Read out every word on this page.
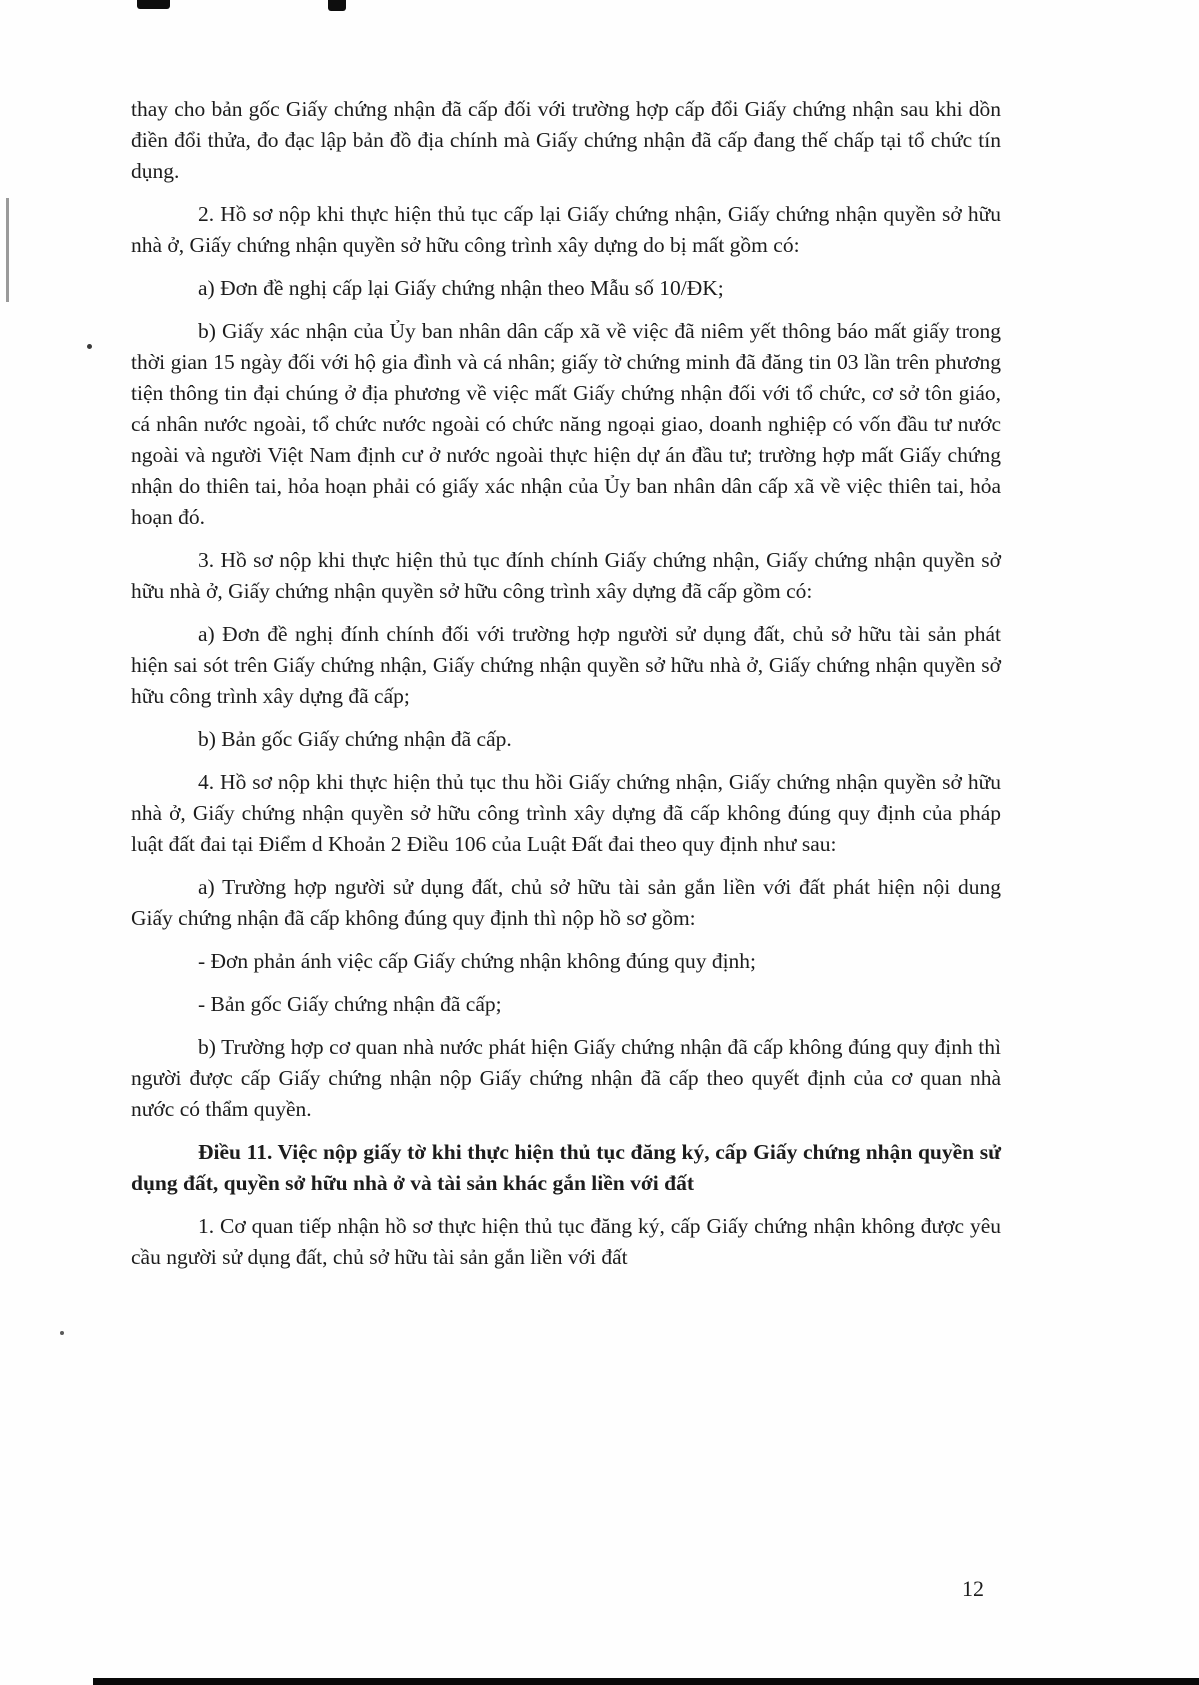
thay cho bản gốc Giấy chứng nhận đã cấp đối với trường hợp cấp đổi Giấy chứng nhận sau khi dồn điền đổi thửa, đo đạc lập bản đồ địa chính mà Giấy chứng nhận đã cấp đang thế chấp tại tổ chức tín dụng.

2. Hồ sơ nộp khi thực hiện thủ tục cấp lại Giấy chứng nhận, Giấy chứng nhận quyền sở hữu nhà ở, Giấy chứng nhận quyền sở hữu công trình xây dựng do bị mất gồm có:

a) Đơn đề nghị cấp lại Giấy chứng nhận theo Mẫu số 10/ĐK;

b) Giấy xác nhận của Ủy ban nhân dân cấp xã về việc đã niêm yết thông báo mất giấy trong thời gian 15 ngày đối với hộ gia đình và cá nhân; giấy tờ chứng minh đã đăng tin 03 lần trên phương tiện thông tin đại chúng ở địa phương về việc mất Giấy chứng nhận đối với tổ chức, cơ sở tôn giáo, cá nhân nước ngoài, tổ chức nước ngoài có chức năng ngoại giao, doanh nghiệp có vốn đầu tư nước ngoài và người Việt Nam định cư ở nước ngoài thực hiện dự án đầu tư; trường hợp mất Giấy chứng nhận do thiên tai, hỏa hoạn phải có giấy xác nhận của Ủy ban nhân dân cấp xã về việc thiên tai, hỏa hoạn đó.

3. Hồ sơ nộp khi thực hiện thủ tục đính chính Giấy chứng nhận, Giấy chứng nhận quyền sở hữu nhà ở, Giấy chứng nhận quyền sở hữu công trình xây dựng đã cấp gồm có:

a) Đơn đề nghị đính chính đối với trường hợp người sử dụng đất, chủ sở hữu tài sản phát hiện sai sót trên Giấy chứng nhận, Giấy chứng nhận quyền sở hữu nhà ở, Giấy chứng nhận quyền sở hữu công trình xây dựng đã cấp;

b) Bản gốc Giấy chứng nhận đã cấp.

4. Hồ sơ nộp khi thực hiện thủ tục thu hồi Giấy chứng nhận, Giấy chứng nhận quyền sở hữu nhà ở, Giấy chứng nhận quyền sở hữu công trình xây dựng đã cấp không đúng quy định của pháp luật đất đai tại Điểm d Khoản 2 Điều 106 của Luật Đất đai theo quy định như sau:

a) Trường hợp người sử dụng đất, chủ sở hữu tài sản gắn liền với đất phát hiện nội dung Giấy chứng nhận đã cấp không đúng quy định thì nộp hồ sơ gồm:

- Đơn phản ánh việc cấp Giấy chứng nhận không đúng quy định;

- Bản gốc Giấy chứng nhận đã cấp;

b) Trường hợp cơ quan nhà nước phát hiện Giấy chứng nhận đã cấp không đúng quy định thì người được cấp Giấy chứng nhận nộp Giấy chứng nhận đã cấp theo quyết định của cơ quan nhà nước có thẩm quyền.

Điều 11. Việc nộp giấy tờ khi thực hiện thủ tục đăng ký, cấp Giấy chứng nhận quyền sử dụng đất, quyền sở hữu nhà ở và tài sản khác gắn liền với đất

1. Cơ quan tiếp nhận hồ sơ thực hiện thủ tục đăng ký, cấp Giấy chứng nhận không được yêu cầu người sử dụng đất, chủ sở hữu tài sản gắn liền với đất

12
